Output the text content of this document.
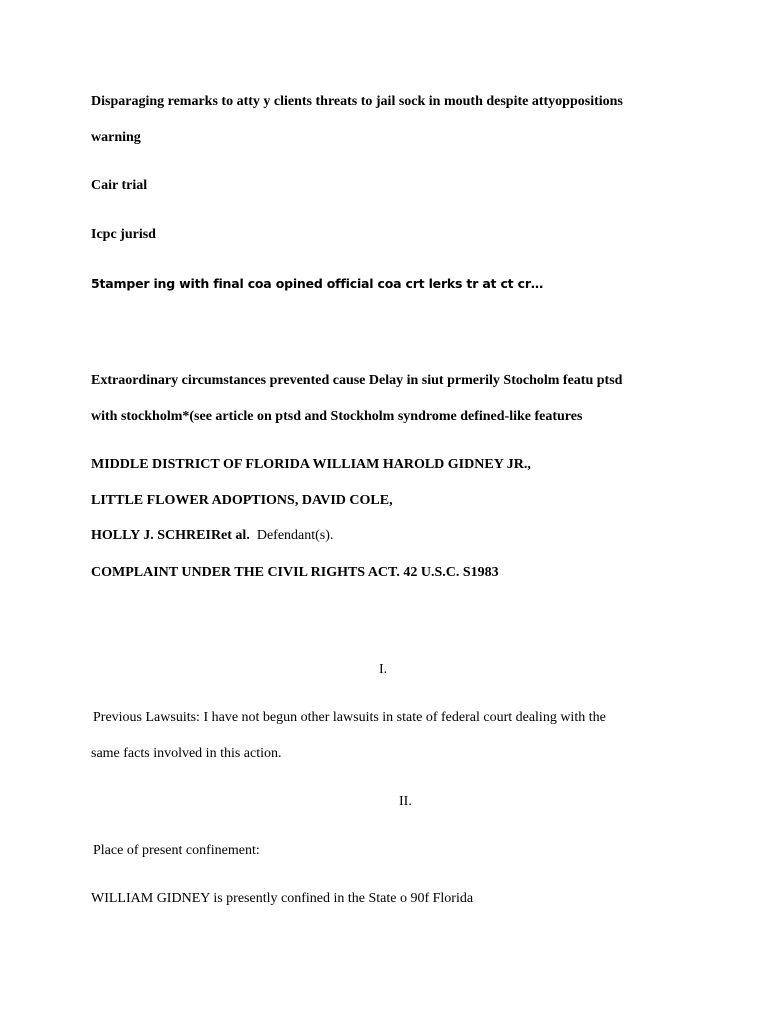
Disparaging remarks to atty y clients threats to jail sock in mouth despite attyoppositions
warning
Cair trial
Icpc jurisd
5tamper ing with final coa opined official coa crt lerks tr at ct cr…
Extraordinary circumstances prevented cause Delay in siut prmerily Stocholm featu ptsd
with stockholm*(see article on ptsd and Stockholm syndrome defined-like features
MIDDLE DISTRICT OF FLORIDA WILLIAM HAROLD GIDNEY JR.,
LITTLE FLOWER ADOPTIONS, DAVID COLE,
HOLLY J. SCHREIRet al. Defendant(s).
COMPLAINT UNDER THE CIVIL RIGHTS ACT. 42 U.S.C. S1983
I.
Previous Lawsuits: I have not begun other lawsuits in state of federal court dealing with the
same facts involved in this action.
II.
Place of present confinement:
WILLIAM GIDNEY is presently confined in the State o 90f Florida
